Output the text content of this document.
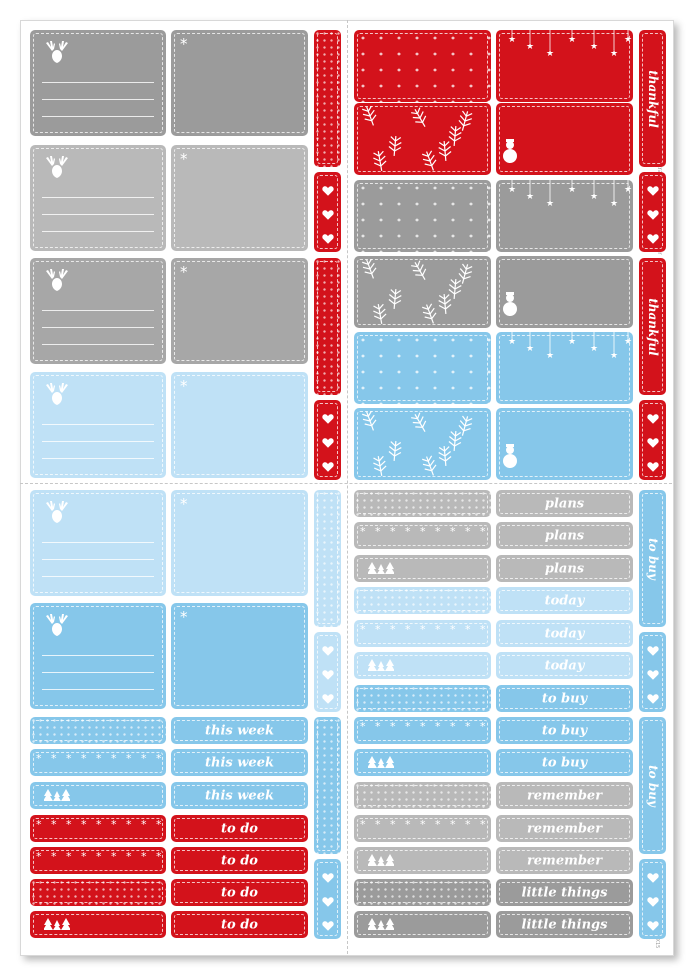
*
*
*
*
★
★
★
★
★
★
★
★
★
★
★
★
★
★
★
★
★
★
★
★
★
thankful
thankful
*
*
* * * * * * * * *	this week
this week
* * * * * * * * *
* * * * * * * * *	to do
to do
to do
this week
to do
plans
* * * * * * * * *	plans
plans
today
* * * * * * * * *	today
today
to buy
* * * * * * * * *	to buy
to buy
remember
* * * * * * * * *	remember
remember
little things
little things
to buy
to buy
